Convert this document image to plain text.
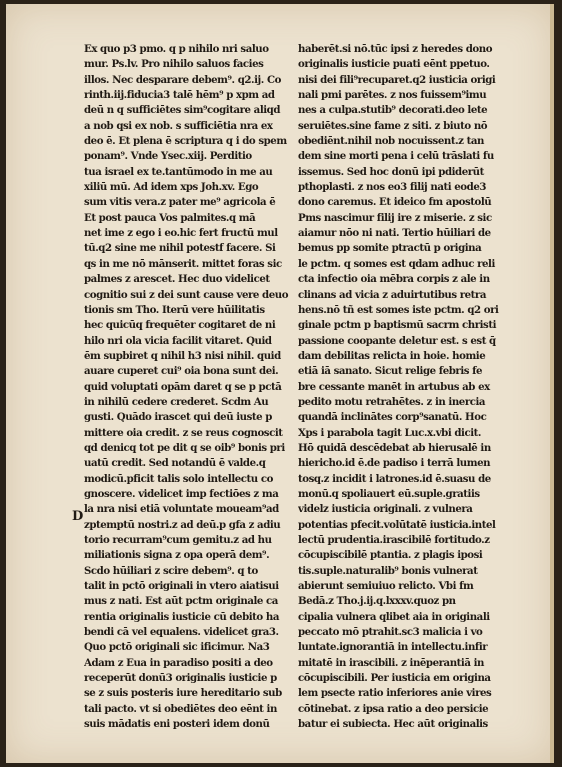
Ex quo p3 pmo. q p nihilo nri saluo
mur. Ps.lv. Pro nihilo saluos facies
illos. Nec desparare debem⁹. q2.ij. Co
rinth.iij.fiducia3 talē hēm⁹ p xpm ad
deū n q sufficiētes sim⁹cogitare aliqd
a nob qsi ex nob. s sufficiētia nra ex
deo ē. Et plena ē scriptura q i do spem
ponam⁹. Vnde Ysec.xiij. Perditio
tua israel ex te.tantūmodo in me au
xiliū mū. Ad idem xps Joh.xv. Ego
sum vitis vera.z pater me⁹ agricola ē
Et post pauca Vos palmites.q mā
net ime z ego i eo.hic fert fructū mul
tū.q2 sine me nihil potestf facere. Si
qs in me nō mānserit. mittet foras sic
palmes z arescet. Hec duo videlicet
cognitio sui z dei sunt cause vere deuo
tionis sm Tho. Iterū vere hūilitatis
hec quicūq frequēter cogitaret de ni
hilo nri ola vicia facilit vitaret. Quid
ēm supbiret q nihil h3 nisi nihil. quid
auare cuperet cui⁹ oia bona sunt dei.
quid voluptati opām daret q se p pctā
in nihilū cedere crederet. Scdm Au
gusti. Quādo irascet qui deū iuste p
mittere oia credit. z se reus cognoscit
qd denicq tot pe dit q se oib⁹ bonis pri
uatū credit. Sed notandū ē valde.q
modicū.pficit talis solo intellectu co
gnoscere. videlicet imp fectiōes z ma
la nra nisi etiā voluntate moueam⁹ad
zptemptū nostri.z ad deū.p gfa z adiu
torio recurram⁹cum gemitu.z ad hu
miliationis signa z opa operā dem⁹.
Scdo hūiliari z scire debem⁹. q to
talit in pctō originali in vtero aiatisui
mus z nati. Est aūt pctm originale ca
rentia originalis iusticie cū debito ha
bendi cā vel equalens. videlicet gra3.
Quo pctō originali sic ificimur. Na3
Adam z Eua in paradiso positi a deo
receperūt donū3 originalis iusticie p
se z suis posteris iure hereditario sub
tali pacto. vt si obediētes deo eēnt in
suis mādatis eni posteri idem donū
haberēt.si nō.tūc ipsi z heredes dono
originalis iusticie puati eēnt ppetuo.
nisi dei fili⁹recuparet.q2 iusticia origi
nali pmi parētes. z nos fuissem⁹imu
nes a culpa.stutib⁹ decorati.deo lete
seruiētes.sine fame z siti. z biuto nō
obediēnt.nihil nob nocuissent.z tan
dem sine morti pena i celū trāslati fu
issemus. Sed hoc donū ipi pdiderūt
pthoplasti. z nos eo3 filij nati eode3
dono caremus. Et ideico fm apostolū
Pms nascimur filij ire z miserie. z sic
aiamur nōo ni nati. Tertio hūiliari de
bemus pp somite ptractū p origina
le pctm. q somes est qdam adhuc reli
cta infectio oia mēbra corpis z ale in
clinans ad vicia z aduirtutibus retra
hens.nō tñ est somes iste pctm. q2 ori
ginale pctm p baptismū sacrm christi
passione coopante deletur est. s est q̄
dam debilitas relicta in hoie. homie
etiā iā sanato. Sicut relige febris fe
bre cessante manēt in artubus ab ex
pedito motu retrahētes. z in inercia
quandā inclinātes corp⁹sanatū. Hoc
Xps i parabola tagit Luc.x.vbi dicit.
Hō quidā descēdebat ab hierusalē in
hiericho.id ē.de padiso i terrā lumen
tosq.z incidit i latrones.id ē.suasu de
monū.q spoliauert eū.suple.gratiis
videlz iusticia originali. z vulnera
potentias pfecit.volūtatē iusticia.intel
lectū prudentia.irascibilē fortitudo.z
cōcupiscibilē ptantia. z plagis iposi
tis.suple.naturalib⁹ bonis vulnerat
abierunt semiuiuo relicto. Vbi fm
Bedā.z Tho.j.ij.q.lxxxv.quoz pn
cipalia vulnera qlibet aia in originali
peccato mō ptrahit.sc3 malicia i vo
luntate.ignorantiā in intellectu.infir
mitatē in irascibili. z inēperantiā in
cōcupiscibili. Per iusticia em origina
lem psecte ratio inferiores anie vires
cōtinebat. z ipsa ratio a deo persicie
batur ei subiecta. Hec aūt originalis
D
